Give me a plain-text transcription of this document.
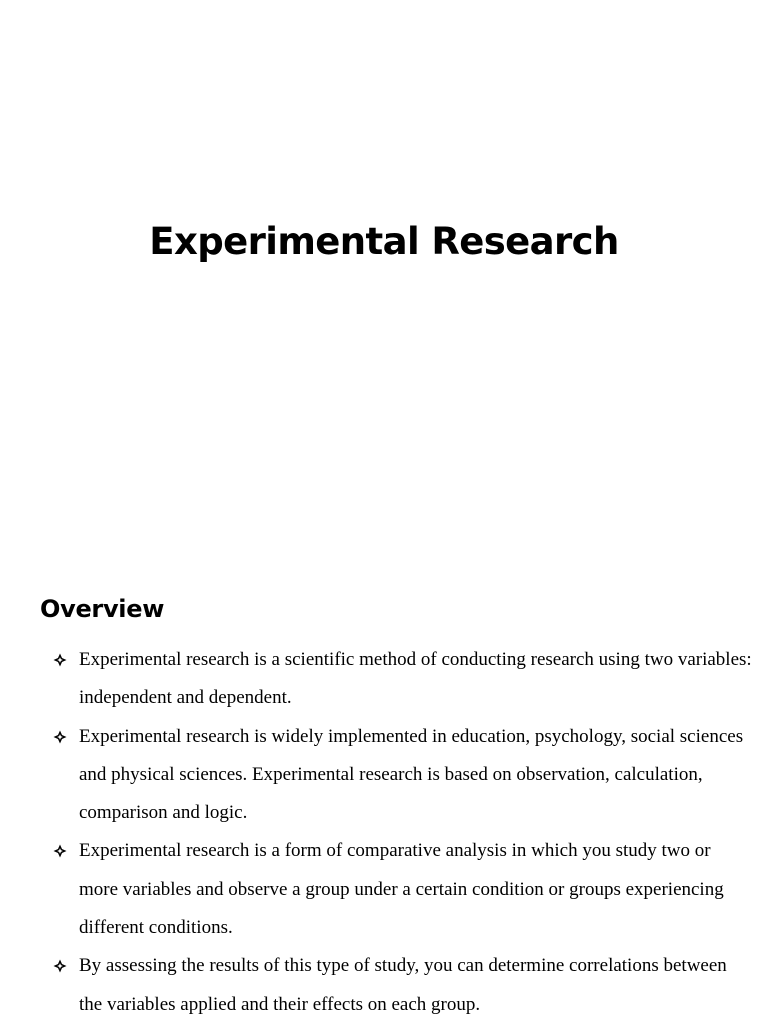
Experimental Research
Overview
Experimental research is a scientific method of conducting research using two variables: independent and dependent.
Experimental research is widely implemented in education, psychology, social sciences and physical sciences. Experimental research is based on observation, calculation, comparison and logic.
Experimental research is a form of comparative analysis in which you study two or more variables and observe a group under a certain condition or groups experiencing different conditions.
By assessing the results of this type of study, you can determine correlations between the variables applied and their effects on each group.
